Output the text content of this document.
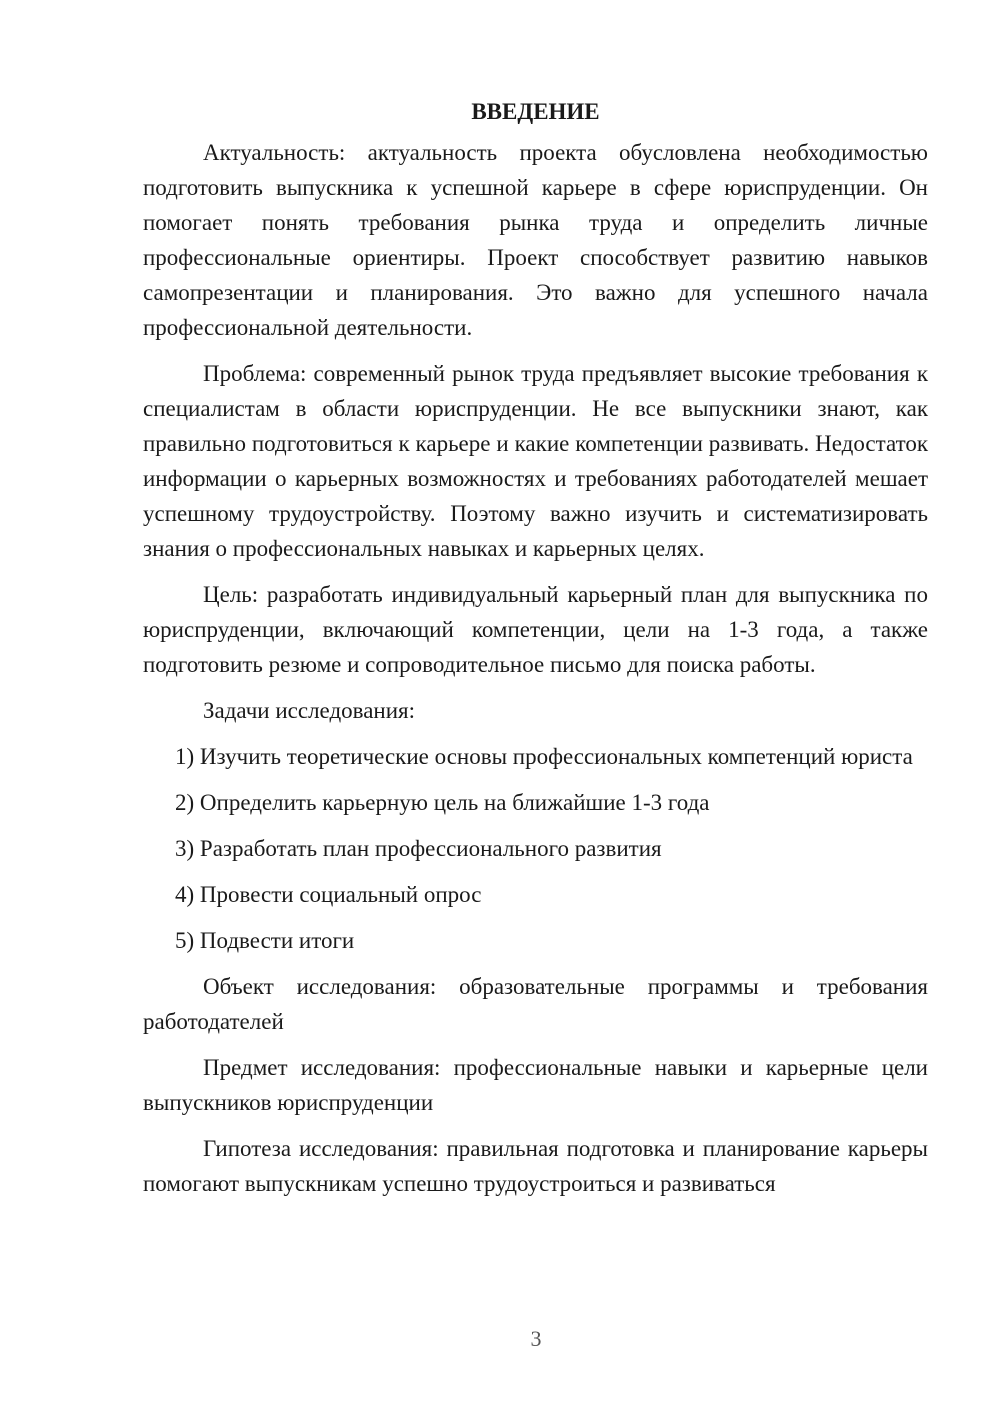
ВВЕДЕНИЕ

Актуальность: актуальность проекта обусловлена необходимостью подготовить выпускника к успешной карьере в сфере юриспруденции. Он помогает понять требования рынка труда и определить личные профессиональные ориентиры. Проект способствует развитию навыков самопрезентации и планирования. Это важно для успешного начала профессиональной деятельности.

Проблема: современный рынок труда предъявляет высокие требования к специалистам в области юриспруденции. Не все выпускники знают, как правильно подготовиться к карьере и какие компетенции развивать. Недостаток информации о карьерных возможностях и требованиях работодателей мешает успешному трудоустройству. Поэтому важно изучить и систематизировать знания о профессиональных навыках и карьерных целях.

Цель: разработать индивидуальный карьерный план для выпускника по юриспруденции, включающий компетенции, цели на 1-3 года, а также подготовить резюме и сопроводительное письмо для поиска работы.

Задачи исследования:

1) Изучить теоретические основы профессиональных компетенций юриста

2) Определить карьерную цель на ближайшие 1-3 года

3) Разработать план профессионального развития

4) Провести социальный опрос

5) Подвести итоги

Объект исследования: образовательные программы и требования работодателей

Предмет исследования: профессиональные навыки и карьерные цели выпускников юриспруденции

Гипотеза исследования: правильная подготовка и планирование карьеры помогают выпускникам успешно трудоустроиться и развиваться

3
